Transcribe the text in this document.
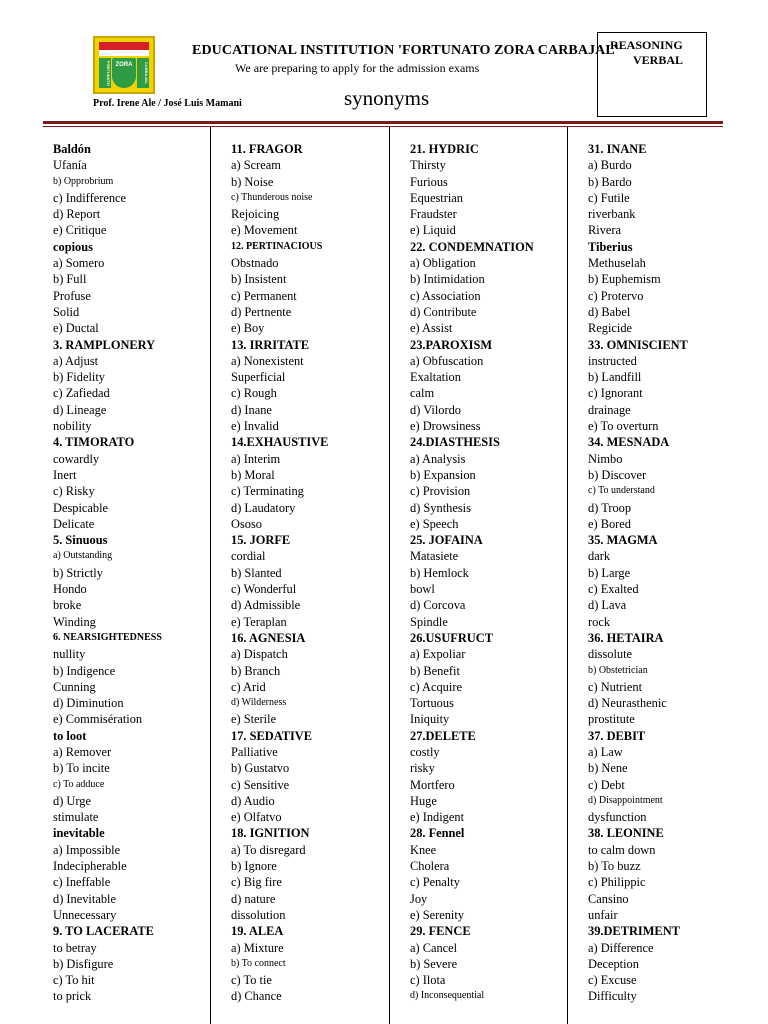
FORTUNATO ZORA	CARBAJAL
EDUCATIONAL INSTITUTION 'FORTUNATO ZORA CARBAJAL'
We are preparing to apply for the admission exams
Prof. Irene Ale / José Luis Mamani	synonyms
REASONING
VERBAL
Baldón
Ufanía
b) Opprobrium
c) Indifference
d) Report
e) Critique
copious
a) Somero
b) Full
Profuse
Solid
e) Ductal
3. RAMPLONERY
a) Adjust
b) Fidelity
c) Zafiedad
d) Lineage
nobility
4. TIMORATO
cowardly
Inert
c) Risky
Despicable
Delicate
5. Sinuous
a) Outstanding
b) Strictly
Hondo
broke
Winding
6. NEARSIGHTEDNESS
nullity
b) Indigence
Cunning
d) Diminution
e) Commisération
to loot
a) Remover
b) To incite
c) To adduce
d) Urge
stimulate
inevitable
a) Impossible
Indecipherable
c) Ineffable
d) Inevitable
Unnecessary
9. TO LACERATE
to betray
b) Disfigure
c) To hit
to prick
11. FRAGOR
a) Scream
b) Noise
c) Thunderous noise
Rejoicing
e) Movement
12. PERTINACIOUS
Obstnado
b) Insistent
c) Permanent
d) Pertnente
e) Boy
13. IRRITATE
a) Nonexistent
Superficial
c) Rough
d) Inane
e) Invalid
14.EXHAUSTIVE
a) Interim
b) Moral
c) Terminating
d) Laudatory
Ososo
15. JORFE
cordial
b) Slanted
c) Wonderful
d) Admissible
e) Teraplan
16. AGNESIA
a) Dispatch
b) Branch
c) Arid
d) Wilderness
e) Sterile
17. SEDATIVE
Palliative
b) Gustatvo
c) Sensitive
d) Audio
e) Olfatvo
18. IGNITION
a) To disregard
b) Ignore
c) Big fire
d) nature
dissolution
19. ALEA
a) Mixture
b) To connect
c) To tie
d) Chance
21. HYDRIC
Thirsty
Furious
Equestrian
Fraudster
e) Liquid
22. CONDEMNATION
a) Obligation
b) Intimidation
c) Association
d) Contribute
e) Assist
23.PAROXISM
a) Obfuscation
Exaltation
calm
d) Vilordo
e) Drowsiness
24.DIASTHESIS
a) Analysis
b) Expansion
c) Provision
d) Synthesis
e) Speech
25. JOFAINA
Matasiete
b) Hemlock
bowl
d) Corcova
Spindle
26.USUFRUCT
a) Expoliar
b) Benefit
c) Acquire
Tortuous
Iniquity
27.DELETE
costly
risky
Mortfero
Huge
e) Indigent
28. Fennel
Knee
Cholera
c) Penalty
Joy
e) Serenity
29. FENCE
a) Cancel
b) Severe
c) Ilota
d) Inconsequential
31. INANE
a) Burdo
b) Bardo
c) Futile
riverbank
Rivera
Tiberius
Methuselah
b) Euphemism
c) Protervo
d) Babel
Regicide
33. OMNISCIENT
instructed
b) Landfill
c) Ignorant
drainage
e) To overturn
34. MESNADA
Nimbo
b) Discover
c) To understand
d) Troop
e) Bored
35. MAGMA
dark
b) Large
c) Exalted
d) Lava
rock
36. HETAIRA
dissolute
b) Obstetrician
c) Nutrient
d) Neurasthenic
prostitute
37. DEBIT
a) Law
b) Nene
c) Debt
d) Disappointment
dysfunction
38. LEONINE
to calm down
b) To buzz
c) Philippic
Cansino
unfair
39.DETRIMENT
a) Difference
Deception
c) Excuse
Difficulty
